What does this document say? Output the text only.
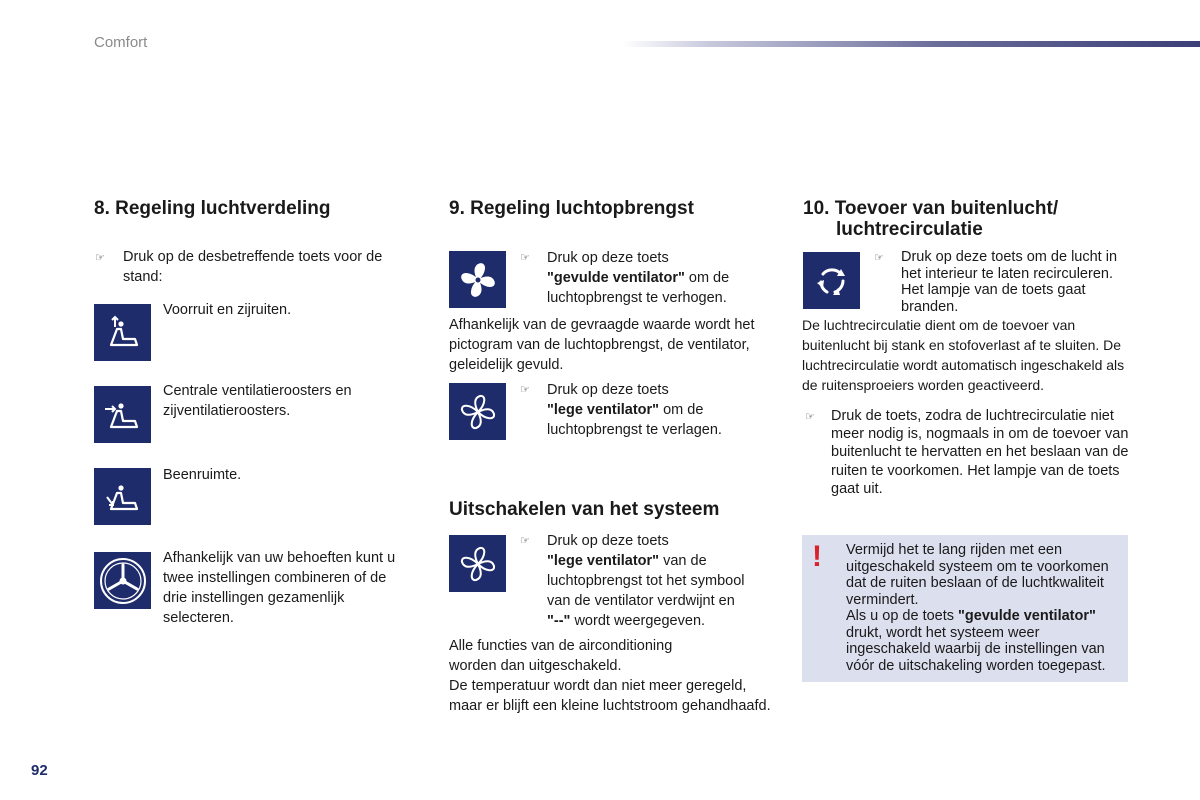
Comfort
8. Regeling luchtverdeling
☞ Druk op de desbetreffende toets voor de stand:
Voorruit en zijruiten.
Centrale ventilatieroosters en zijventilatieroosters.
Beenruimte.
Afhankelijk van uw behoeften kunt u twee instellingen combineren of de drie instellingen gezamenlijk selecteren.
9. Regeling luchtopbrengst
☞ Druk op deze toets
"gevulde ventilator" om de
luchtopbrengst te verhogen.
Afhankelijk van de gevraagde waarde wordt het pictogram van de luchtopbrengst, de ventilator, geleidelijk gevuld.
☞ Druk op deze toets
"lege ventilator" om de
luchtopbrengst te verlagen.
Uitschakelen van het systeem
☞ Druk op deze toets
"lege ventilator" van de
luchtopbrengst tot het symbool
van de ventilator verdwijnt en
"--" wordt weergegeven.
Alle functies van de airconditioning worden dan uitgeschakeld.
De temperatuur wordt dan niet meer geregeld, maar er blijft een kleine luchtstroom gehandhaafd.
10. Toevoer van buitenlucht/
luchtrecirculatie
☞ Druk op deze toets om de lucht in het interieur te laten recirculeren. Het lampje van de toets gaat branden.
De luchtrecirculatie dient om de toevoer van buitenlucht bij stank en stofoverlast af te sluiten. De luchtrecirculatie wordt automatisch ingeschakeld als de ruitensproeiers worden geactiveerd.
☞ Druk de toets, zodra de luchtrecirculatie niet meer nodig is, nogmaals in om de toevoer van buitenlucht te hervatten en het beslaan van de ruiten te voorkomen. Het lampje van de toets gaat uit.
! Vermijd het te lang rijden met een uitgeschakeld systeem om te voorkomen dat de ruiten beslaan of de luchtkwaliteit vermindert.
Als u op de toets "gevulde ventilator" drukt, wordt het systeem weer ingeschakeld waarbij de instellingen van vóór de uitschakeling worden toegepast.
92
